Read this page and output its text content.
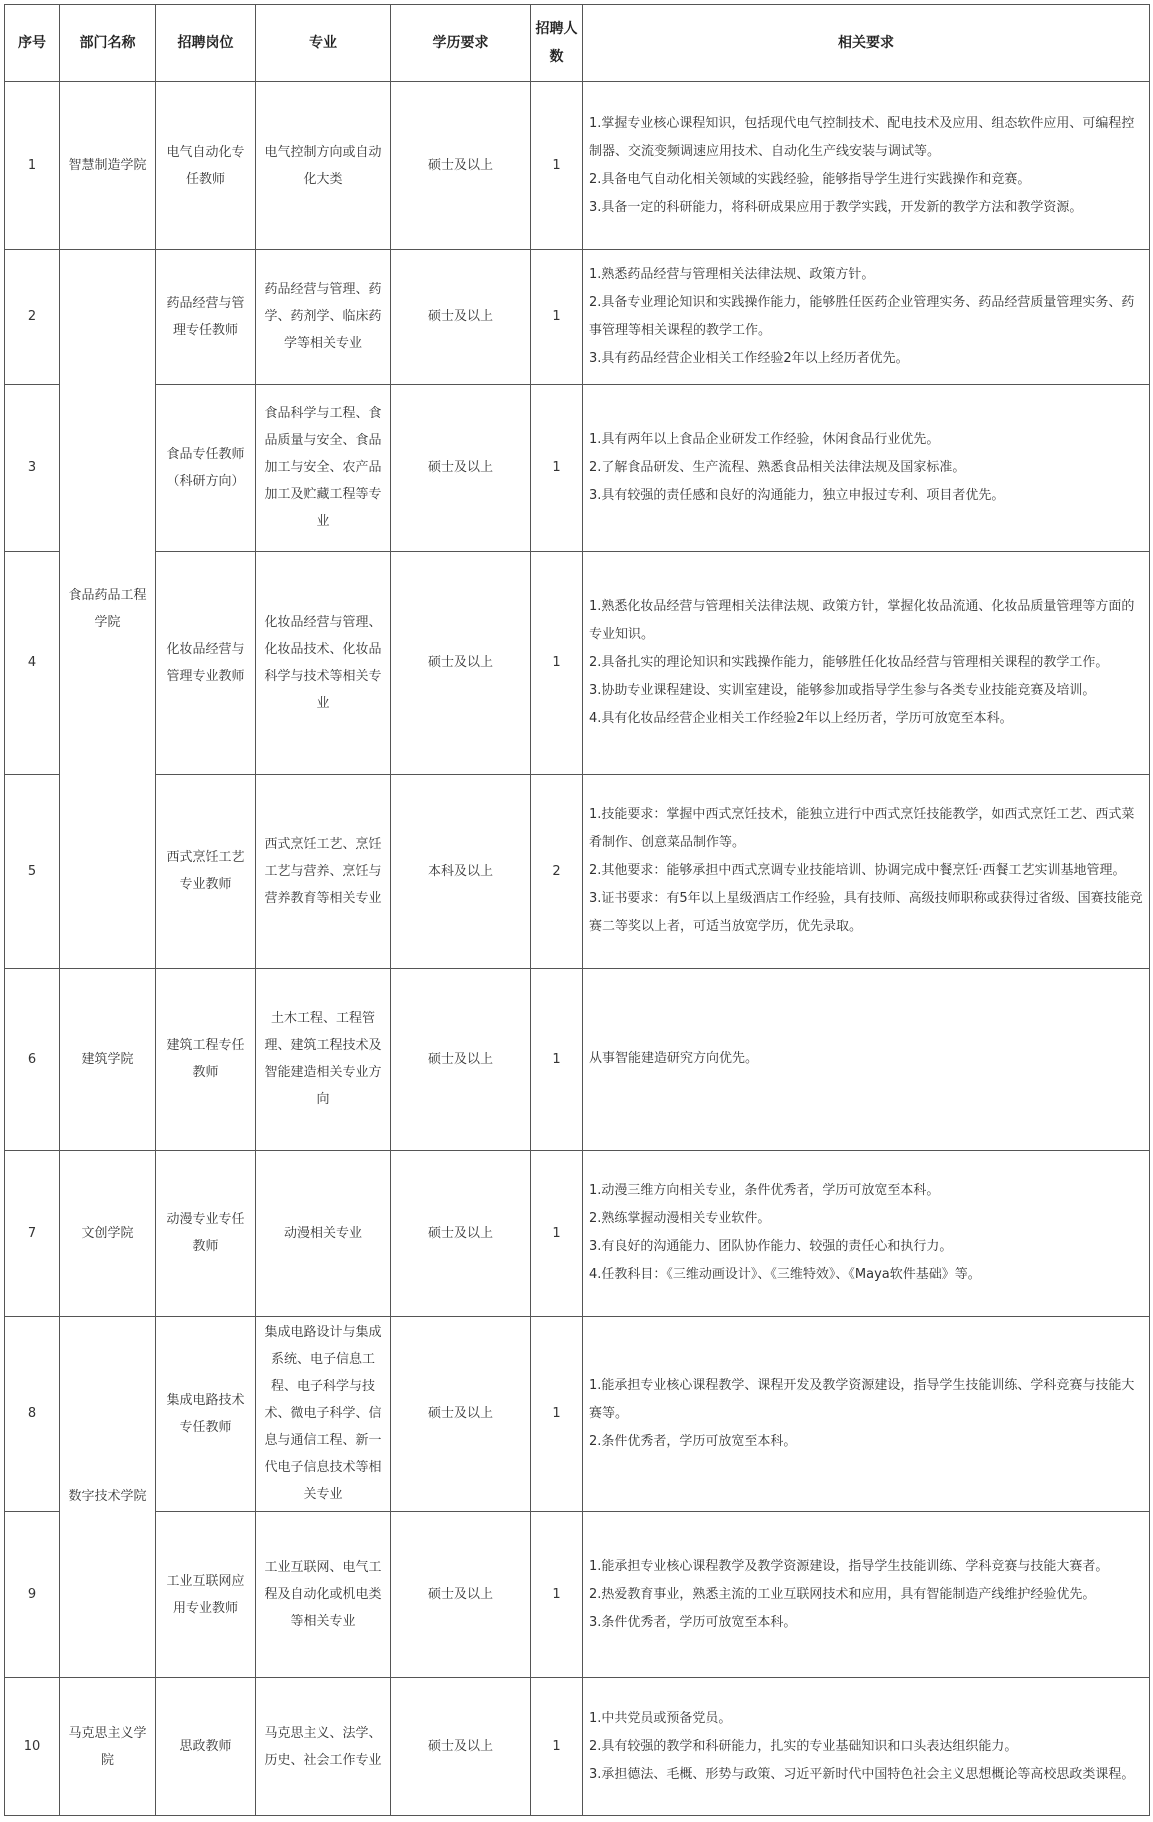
序号	部门名称	招聘岗位	专业	学历要求	招聘人数	相关要求
1	智慧制造学院	电气自动化专任教师	电气控制方向或自动化大类	硕士及以上	1	1.掌握专业核心课程知识，包括现代电气控制技术、配电技术及应用、组态软件应用、可编程控制器、交流变频调速应用技术、自动化生产线安装与调试等。
2.具备电气自动化相关领域的实践经验，能够指导学生进行实践操作和竞赛。
3.具备一定的科研能力，将科研成果应用于教学实践，开发新的教学方法和教学资源。

2	食品药品工程学院	药品经营与管理专任教师	药品经营与管理、药学、药剂学、临床药学等相关专业	硕士及以上	1	1.熟悉药品经营与管理相关法律法规、政策方针。
2.具备专业理论知识和实践操作能力，能够胜任医药企业管理实务、药品经营质量管理实务、药事管理等相关课程的教学工作。
3.具有药品经营企业相关工作经验2年以上经历者优先。

3		食品专任教师（科研方向）	食品科学与工程、食品质量与安全、食品加工与安全、农产品加工及贮藏工程等专业	硕士及以上	1	1.具有两年以上食品企业研发工作经验，休闲食品行业优先。
2.了解食品研发、生产流程、熟悉食品相关法律法规及国家标准。
3.具有较强的责任感和良好的沟通能力，独立申报过专利、项目者优先。

4		化妆品经营与管理专业教师	化妆品经营与管理、化妆品技术、化妆品科学与技术等相关专业	硕士及以上	1	1.熟悉化妆品经营与管理相关法律法规、政策方针，掌握化妆品流通、化妆品质量管理等方面的专业知识。
2.具备扎实的理论知识和实践操作能力，能够胜任化妆品经营与管理相关课程的教学工作。
3.协助专业课程建设、实训室建设，能够参加或指导学生参与各类专业技能竞赛及培训。
4.具有化妆品经营企业相关工作经验2年以上经历者，学历可放宽至本科。

5		西式烹饪工艺专业教师	西式烹饪工艺、烹饪工艺与营养、烹饪与营养教育等相关专业	本科及以上	2	1.技能要求：掌握中西式烹饪技术，能独立进行中西式烹饪技能教学，如西式烹饪工艺、西式菜肴制作、创意菜品制作等。
2.其他要求：能够承担中西式烹调专业技能培训、协调完成中餐烹饪·西餐工艺实训基地管理。
3.证书要求：有5年以上星级酒店工作经验，具有技师、高级技师职称或获得过省级、国赛技能竞赛二等奖以上者，可适当放宽学历，优先录取。

6	建筑学院	建筑工程专任教师	土木工程、工程管理、建筑工程技术及智能建造相关专业方向	硕士及以上	1	从事智能建造研究方向优先。

7	文创学院	动漫专业专任教师	动漫相关专业	硕士及以上	1	1.动漫三维方向相关专业，条件优秀者，学历可放宽至本科。
2.熟练掌握动漫相关专业软件。
3.有良好的沟通能力、团队协作能力、较强的责任心和执行力。
4.任教科目：《三维动画设计》、《三维特效》、《Maya软件基础》等。

8	数字技术学院	集成电路技术专任教师	集成电路设计与集成系统、电子信息工程、电子科学与技术、微电子科学、信息与通信工程、新一代电子信息技术等相关专业	硕士及以上	1	1.能承担专业核心课程教学、课程开发及教学资源建设，指导学生技能训练、学科竞赛与技能大赛等。
2.条件优秀者，学历可放宽至本科。

9		工业互联网应用专业教师	工业互联网、电气工程及自动化或机电类等相关专业	硕士及以上	1	1.能承担专业核心课程教学及教学资源建设，指导学生技能训练、学科竞赛与技能大赛者。
2.热爱教育事业，熟悉主流的工业互联网技术和应用，具有智能制造产线维护经验优先。
3.条件优秀者，学历可放宽至本科。

10	马克思主义学院	思政教师	马克思主义、法学、历史、社会工作专业	硕士及以上	1	1.中共党员或预备党员。
2.具有较强的教学和科研能力，扎实的专业基础知识和口头表达组织能力。
3.承担德法、毛概、形势与政策、习近平新时代中国特色社会主义思想概论等高校思政类课程。
